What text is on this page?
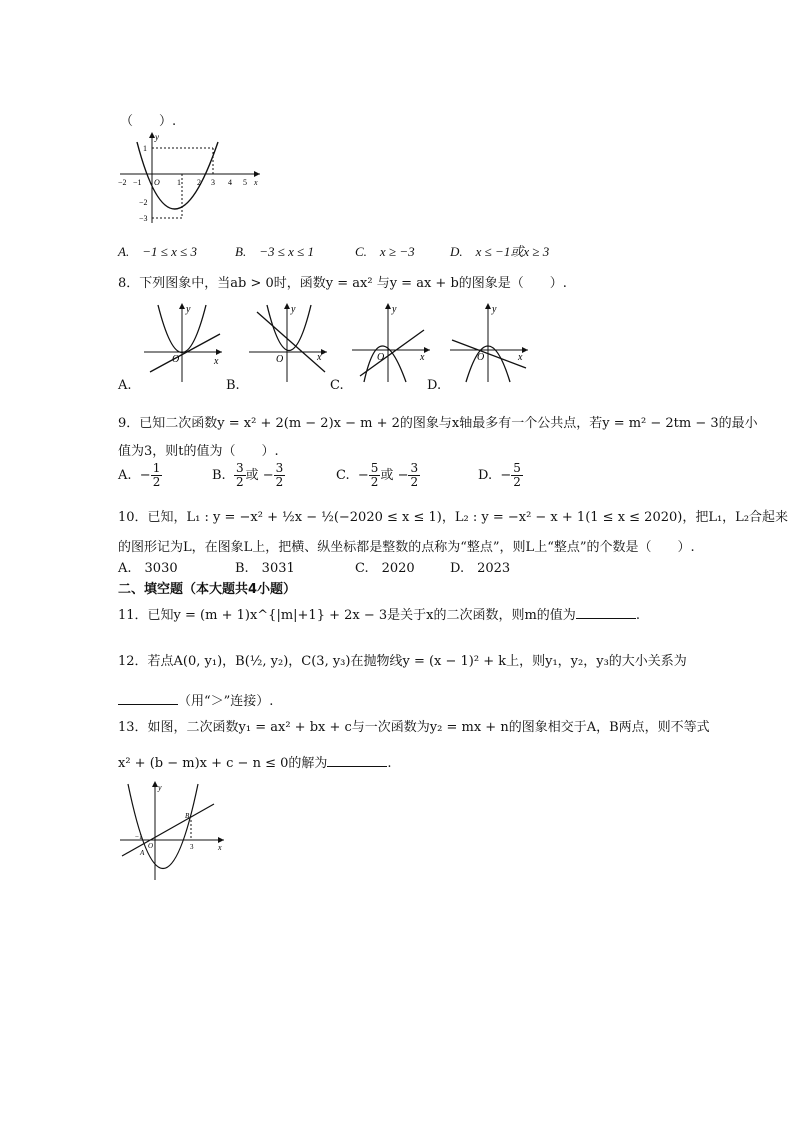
（　　）.
−2 −1 O 1 2 3 4 5 x
y
1
−2
−3
A.　−1 ≤ x ≤ 3	B.　−3 ≤ x ≤ 1	C.　x ≥ −3	D.　x ≤ −1或x ≥ 3
8．下列图象中，当ab > 0时，函数y = ax² 与y = ax + b的图象是（　　）.
y
O	x
A.
y
O	x
B.
y
O	x
C.
y
O	x
D.
9．已知二次函数y = x² + 2(m − 2)x − m + 2的图象与x轴最多有一个公共点，若y = m² − 2tm − 3的最小
值为3，则t的值为（　　）.
A.  − $\frac{1}{2}$	B. $\frac{3}{2}$ 或 − $\frac{3}{2}$	C.  − $\frac{5}{2}$ 或 − $\frac{3}{2}$	D.  − $\frac{5}{2}$
10．已知，L₁ : y = −x² + ½x − ½(−2020 ≤ x ≤ 1)，L₂ : y = −x² − x + 1(1 ≤ x ≤ 2020)，把L₁，L₂合起来
的图形记为L，在图象L上，把横、纵坐标都是整数的点称为“整点”，则L上“整点”的个数是（　　）.
A.　3030	B.　3031	C.　2020	D.　2023
二、填空题（本大题共4小题）
11．已知y = (m + 1)x^{|m|+1} + 2x − 3是关于x的二次函数，则m的值为	.
12．若点A(0, y₁)，B(½, y₂)，C(3, y₃)在抛物线y = (x − 1)² + k上，则y₁，y₂，y₃的大小关系为
（用“＞”连接）.
13．如图，二次函数y₁ = ax² + bx + c与一次函数为y₂ = mx + n的图象相交于A，B两点，则不等式
x² + (b − m)x + c − n ≤ 0的解为	.
y
−1
O	3
B
A
x
